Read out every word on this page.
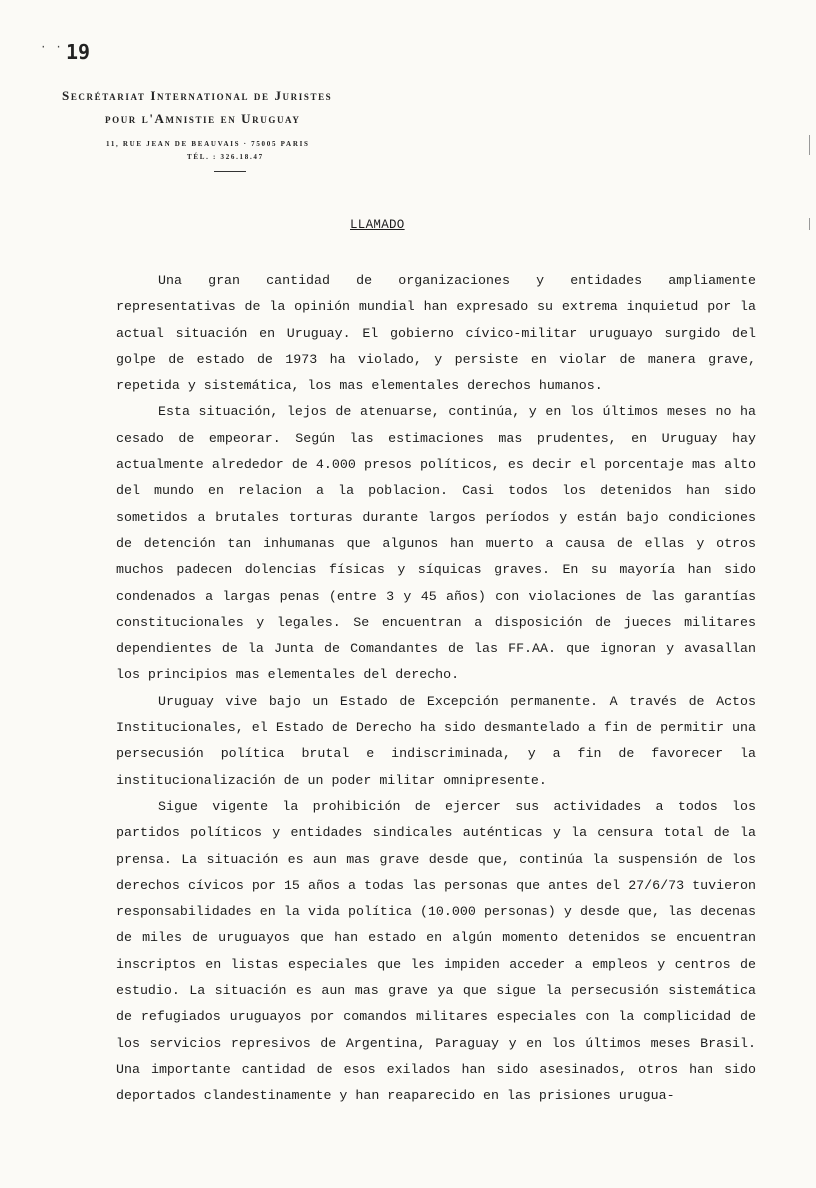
· · 19
Secrétariat International de Juristes
pour l'Amnistie en Uruguay
11, RUE JEAN DE BEAUVAIS · 75005 PARIS
TÉL. : 326.18.47
LLAMADO

Una gran cantidad de organizaciones y entidades ampliamente representativas de la opinión mundial han expresado su extrema inquietud por la actual situación en Uruguay. El gobierno cívico-militar uruguayo surgido del golpe de estado de 1973 ha violado, y persiste en violar de manera grave, repetida y sistemática, los mas elementales derechos humanos.

Esta situación, lejos de atenuarse, continúa, y en los últimos meses no ha cesado de empeorar. Según las estimaciones mas prudentes, en Uruguay hay actualmente alrededor de 4.000 presos políticos, es decir el porcentaje mas alto del mundo en relacion a la poblacion. Casi todos los detenidos han sido sometidos a brutales torturas durante largos períodos y están bajo condiciones de detención tan inhumanas que algunos han muerto a causa de ellas y otros muchos padecen dolencias físicas y síquicas graves. En su mayoría han sido condenados a largas penas (entre 3 y 45 años) con violaciones de las garantías constitucionales y legales. Se encuentran a disposición de jueces militares dependientes de la Junta de Comandantes de las FF.AA. que ignoran y avasallan los principios mas elementales del derecho.

Uruguay vive bajo un Estado de Excepción permanente. A través de Actos Institucionales, el Estado de Derecho ha sido desmantelado a fin de permitir una persecusión política brutal e indiscriminada, y a fin de favorecer la institucionalización de un poder militar omnipresente.

Sigue vigente la prohibición de ejercer sus actividades a todos los partidos políticos y entidades sindicales auténticas y la censura total de la prensa. La situación es aun mas grave desde que, continúa la suspensión de los derechos cívicos por 15 años a todas las personas que antes del 27/6/73 tuvieron responsabilidades en la vida política (10.000 personas) y desde que, las decenas de miles de uruguayos que han estado en algún momento detenidos se encuentran inscriptos en listas especiales que les impiden acceder a empleos y centros de estudio. La situación es aun mas grave ya que sigue la persecusión sistemática de refugiados uruguayos por comandos militares especiales con la complicidad de los servicios represivos de Argentina, Paraguay y en los últimos meses Brasil. Una importante cantidad de esos exilados han sido asesinados, otros han sido deportados clandestinamente y han reaparecido en las prisiones urugua-
